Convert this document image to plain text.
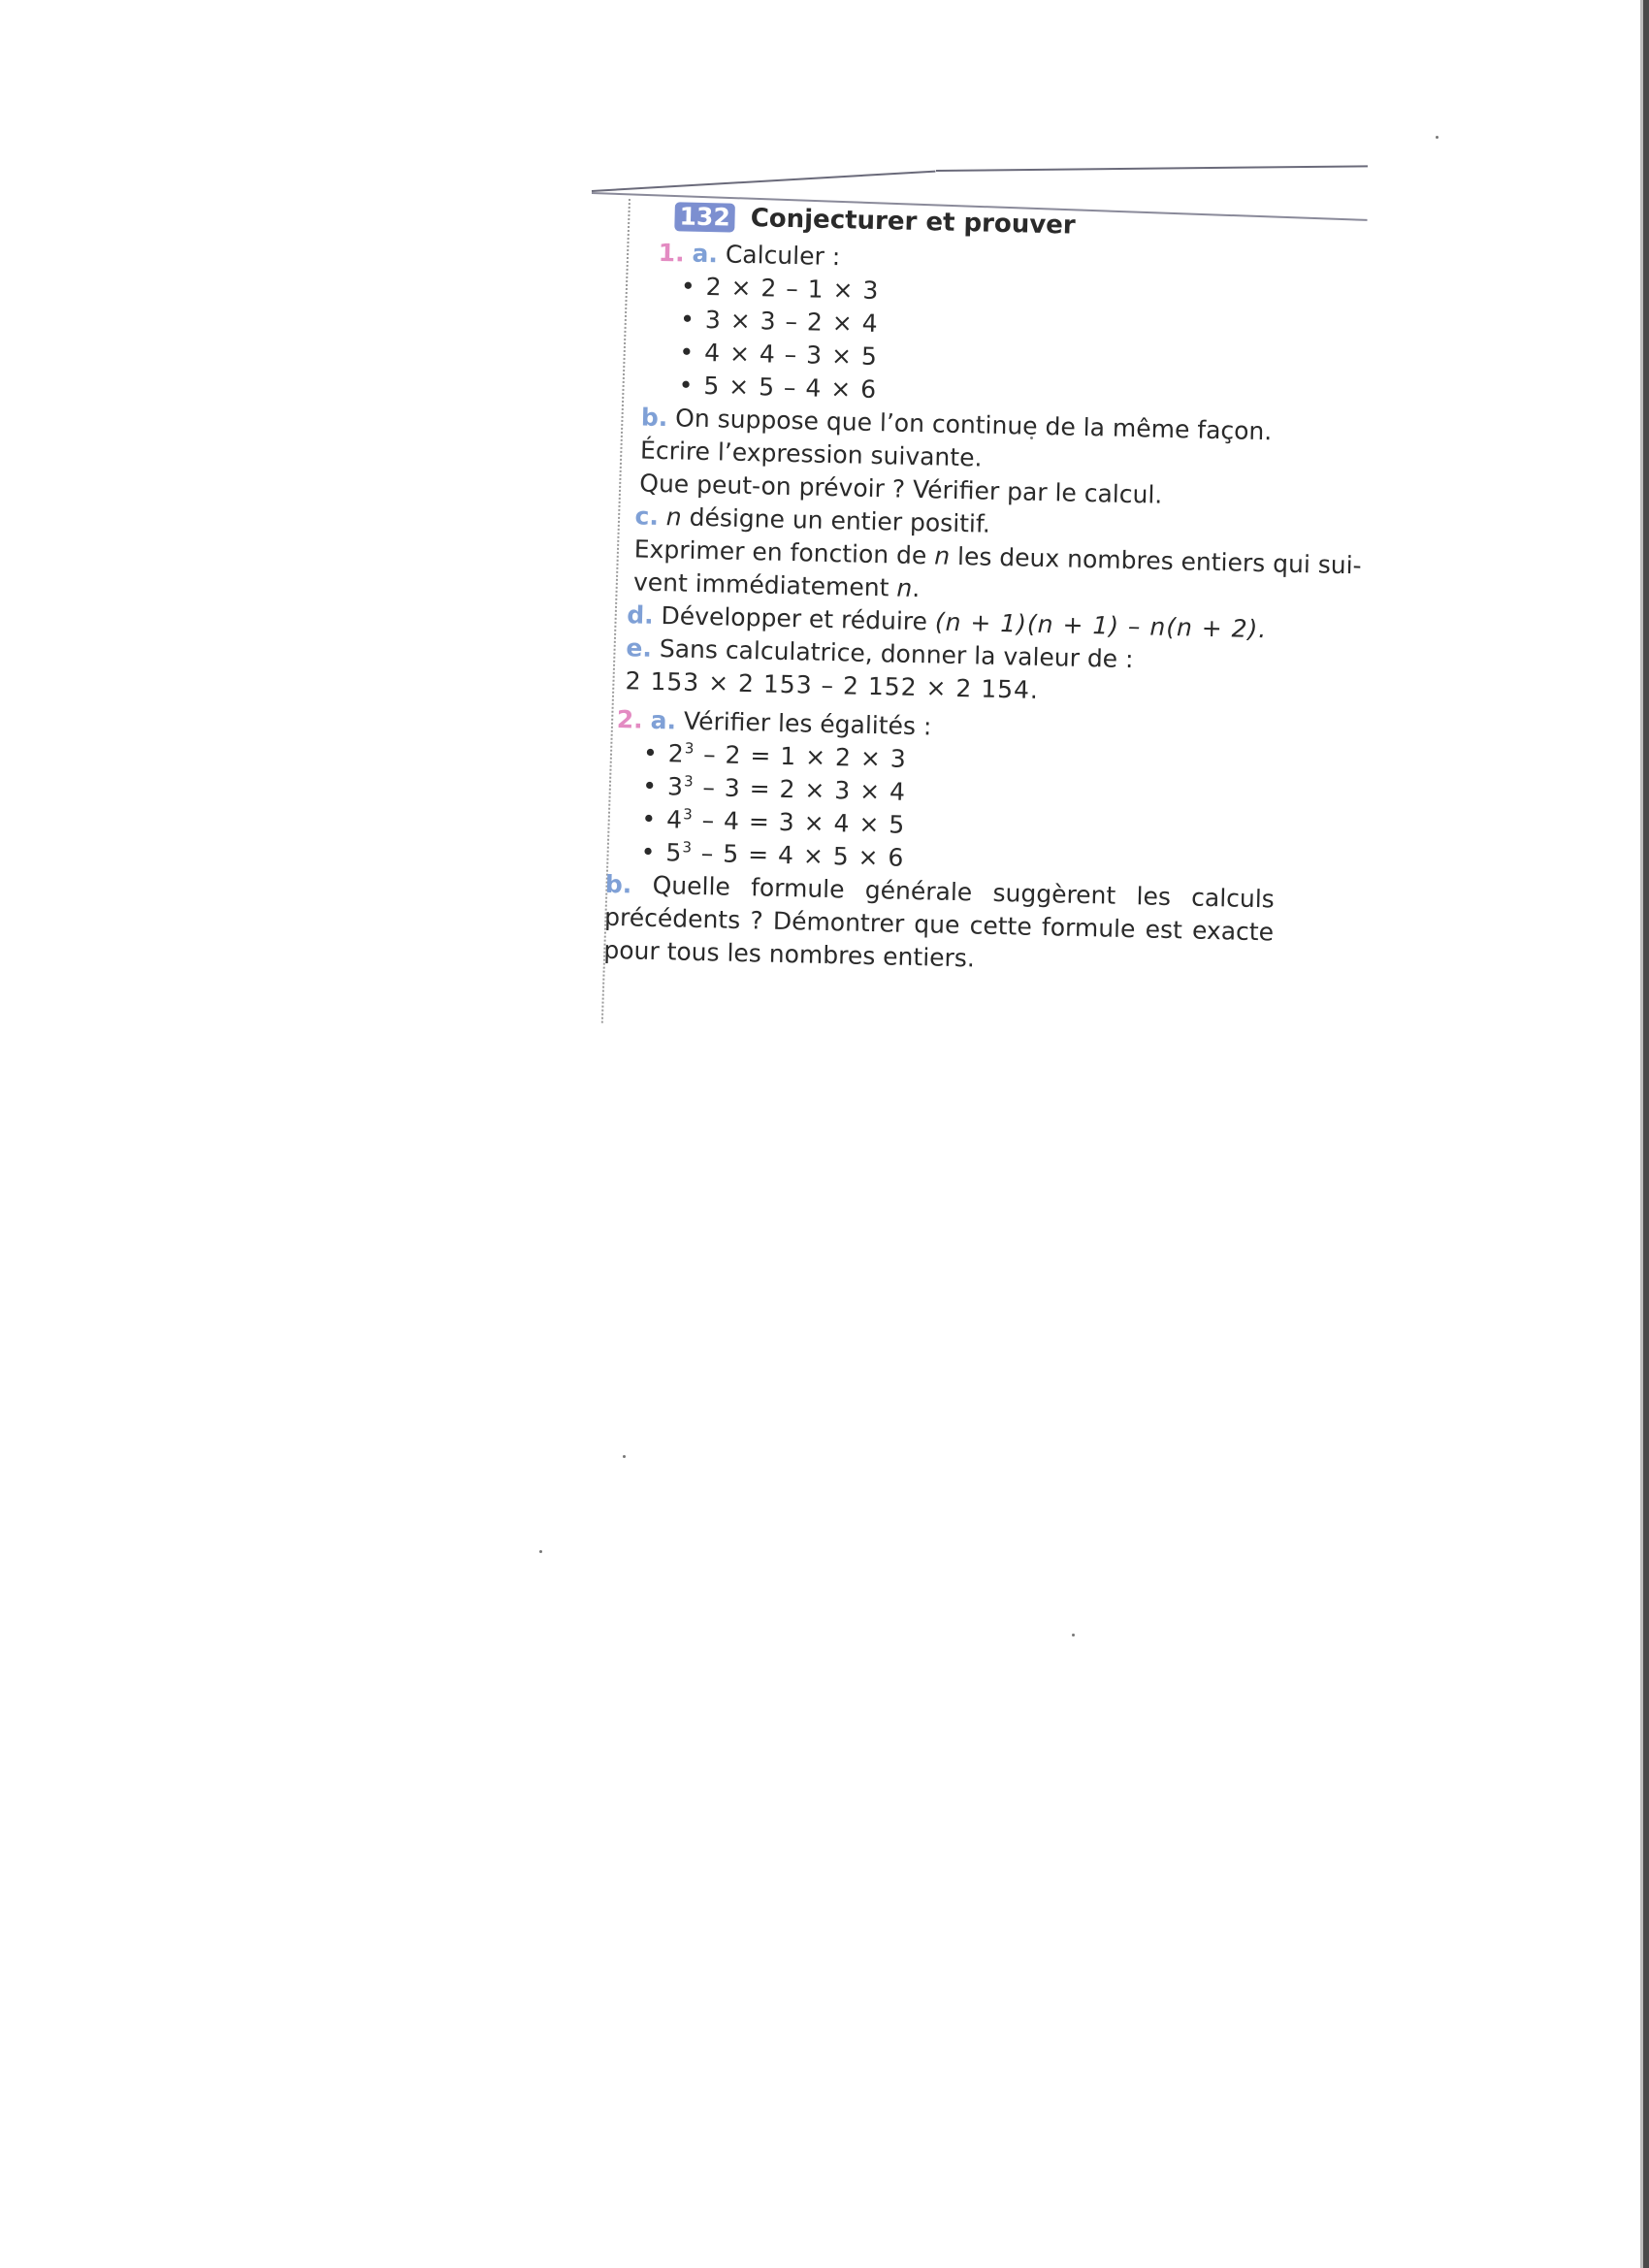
132 Conjecturer et prouver
1. a. Calculer :
• 2 × 2 – 1 × 3
• 3 × 3 – 2 × 4
• 4 × 4 – 3 × 5
• 5 × 5 – 4 × 6
b. On suppose que l’on continue de la même façon.
Écrire l’expression suivante.
Que peut-on prévoir ? Vérifier par le calcul.
c. n désigne un entier positif.
Exprimer en fonction de n les deux nombres entiers qui sui-
vent immédiatement n.
d. Développer et réduire (n + 1)(n + 1) – n(n + 2).
e. Sans calculatrice, donner la valeur de :
2 153 × 2 153 – 2 152 × 2 154.
2. a. Vérifier les égalités :
• $2^3 - 2 = 1 \times 2 \times 3$
• $3^3 - 3 = 2 \times 3 \times 4$
• $4^3 - 4 = 3 \times 4 \times 5$
• $5^3 - 5 = 4 \times 5 \times 6$
b. Quelle formule générale suggèrent les calculs précédents ? Démontrer que cette formule est exacte pour tous les nombres entiers.
